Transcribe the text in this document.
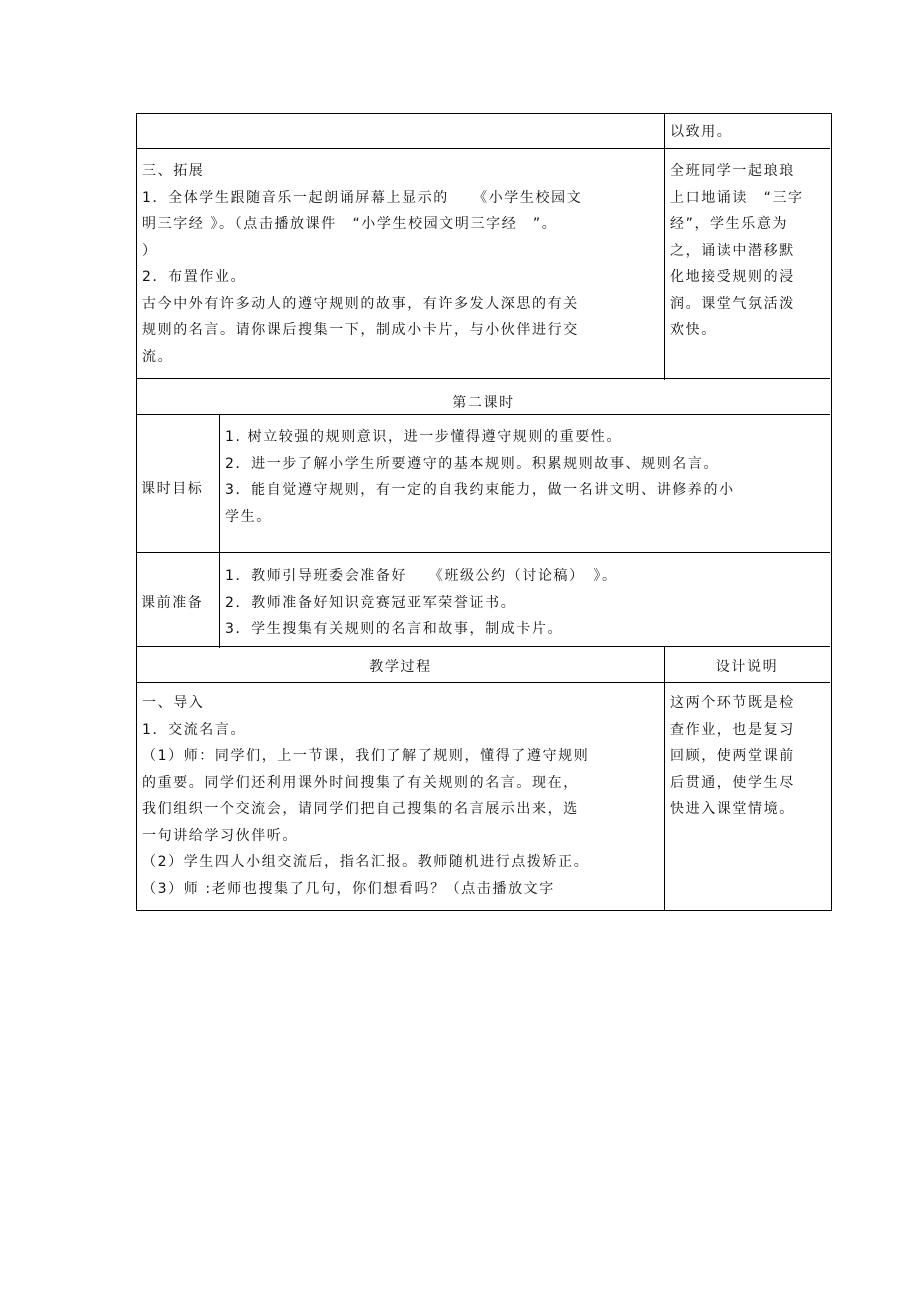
以致用。
三、拓展
1．全体学生跟随音乐一起朗诵屏幕上显示的　　《小学生校园文
明三字经 》。（点击播放课件　“小学生校园文明三字经　”。
）
2．布置作业。
古今中外有许多动人的遵守规则的故事，有许多发人深思的有关
规则的名言。请你课后搜集一下，制成小卡片，与小伙伴进行交
流。
全班同学一起琅琅
上口地诵读　“三字
经”，学生乐意为
之，诵读中潜移默
化地接受规则的浸
润。课堂气氛活泼
欢快。
第二课时
课时目标
1. 树立较强的规则意识，进一步懂得遵守规则的重要性。
2．进一步了解小学生所要遵守的基本规则。积累规则故事、规则名言。
3．能自觉遵守规则，有一定的自我约束能力，做一名讲文明、讲修养的小
学生。
课前准备
1．教师引导班委会准备好　 《班级公约（讨论稿）　》。
2．教师准备好知识竞赛冠亚军荣誉证书。
3．学生搜集有关规则的名言和故事，制成卡片。
教学过程	设计说明
一、导入
1．交流名言。
（1）师：同学们，上一节课，我们了解了规则，懂得了遵守规则
的重要。同学们还利用课外时间搜集了有关规则的名言。现在，
我们组织一个交流会，请同学们把自己搜集的名言展示出来，选
一句讲给学习伙伴听。
（2）学生四人小组交流后，指名汇报。教师随机进行点拨矫正。
（3）师 :老师也搜集了几句，你们想看吗？（点击播放文字
这两个环节既是检
查作业，也是复习
回顾，使两堂课前
后贯通，使学生尽
快进入课堂情境。
